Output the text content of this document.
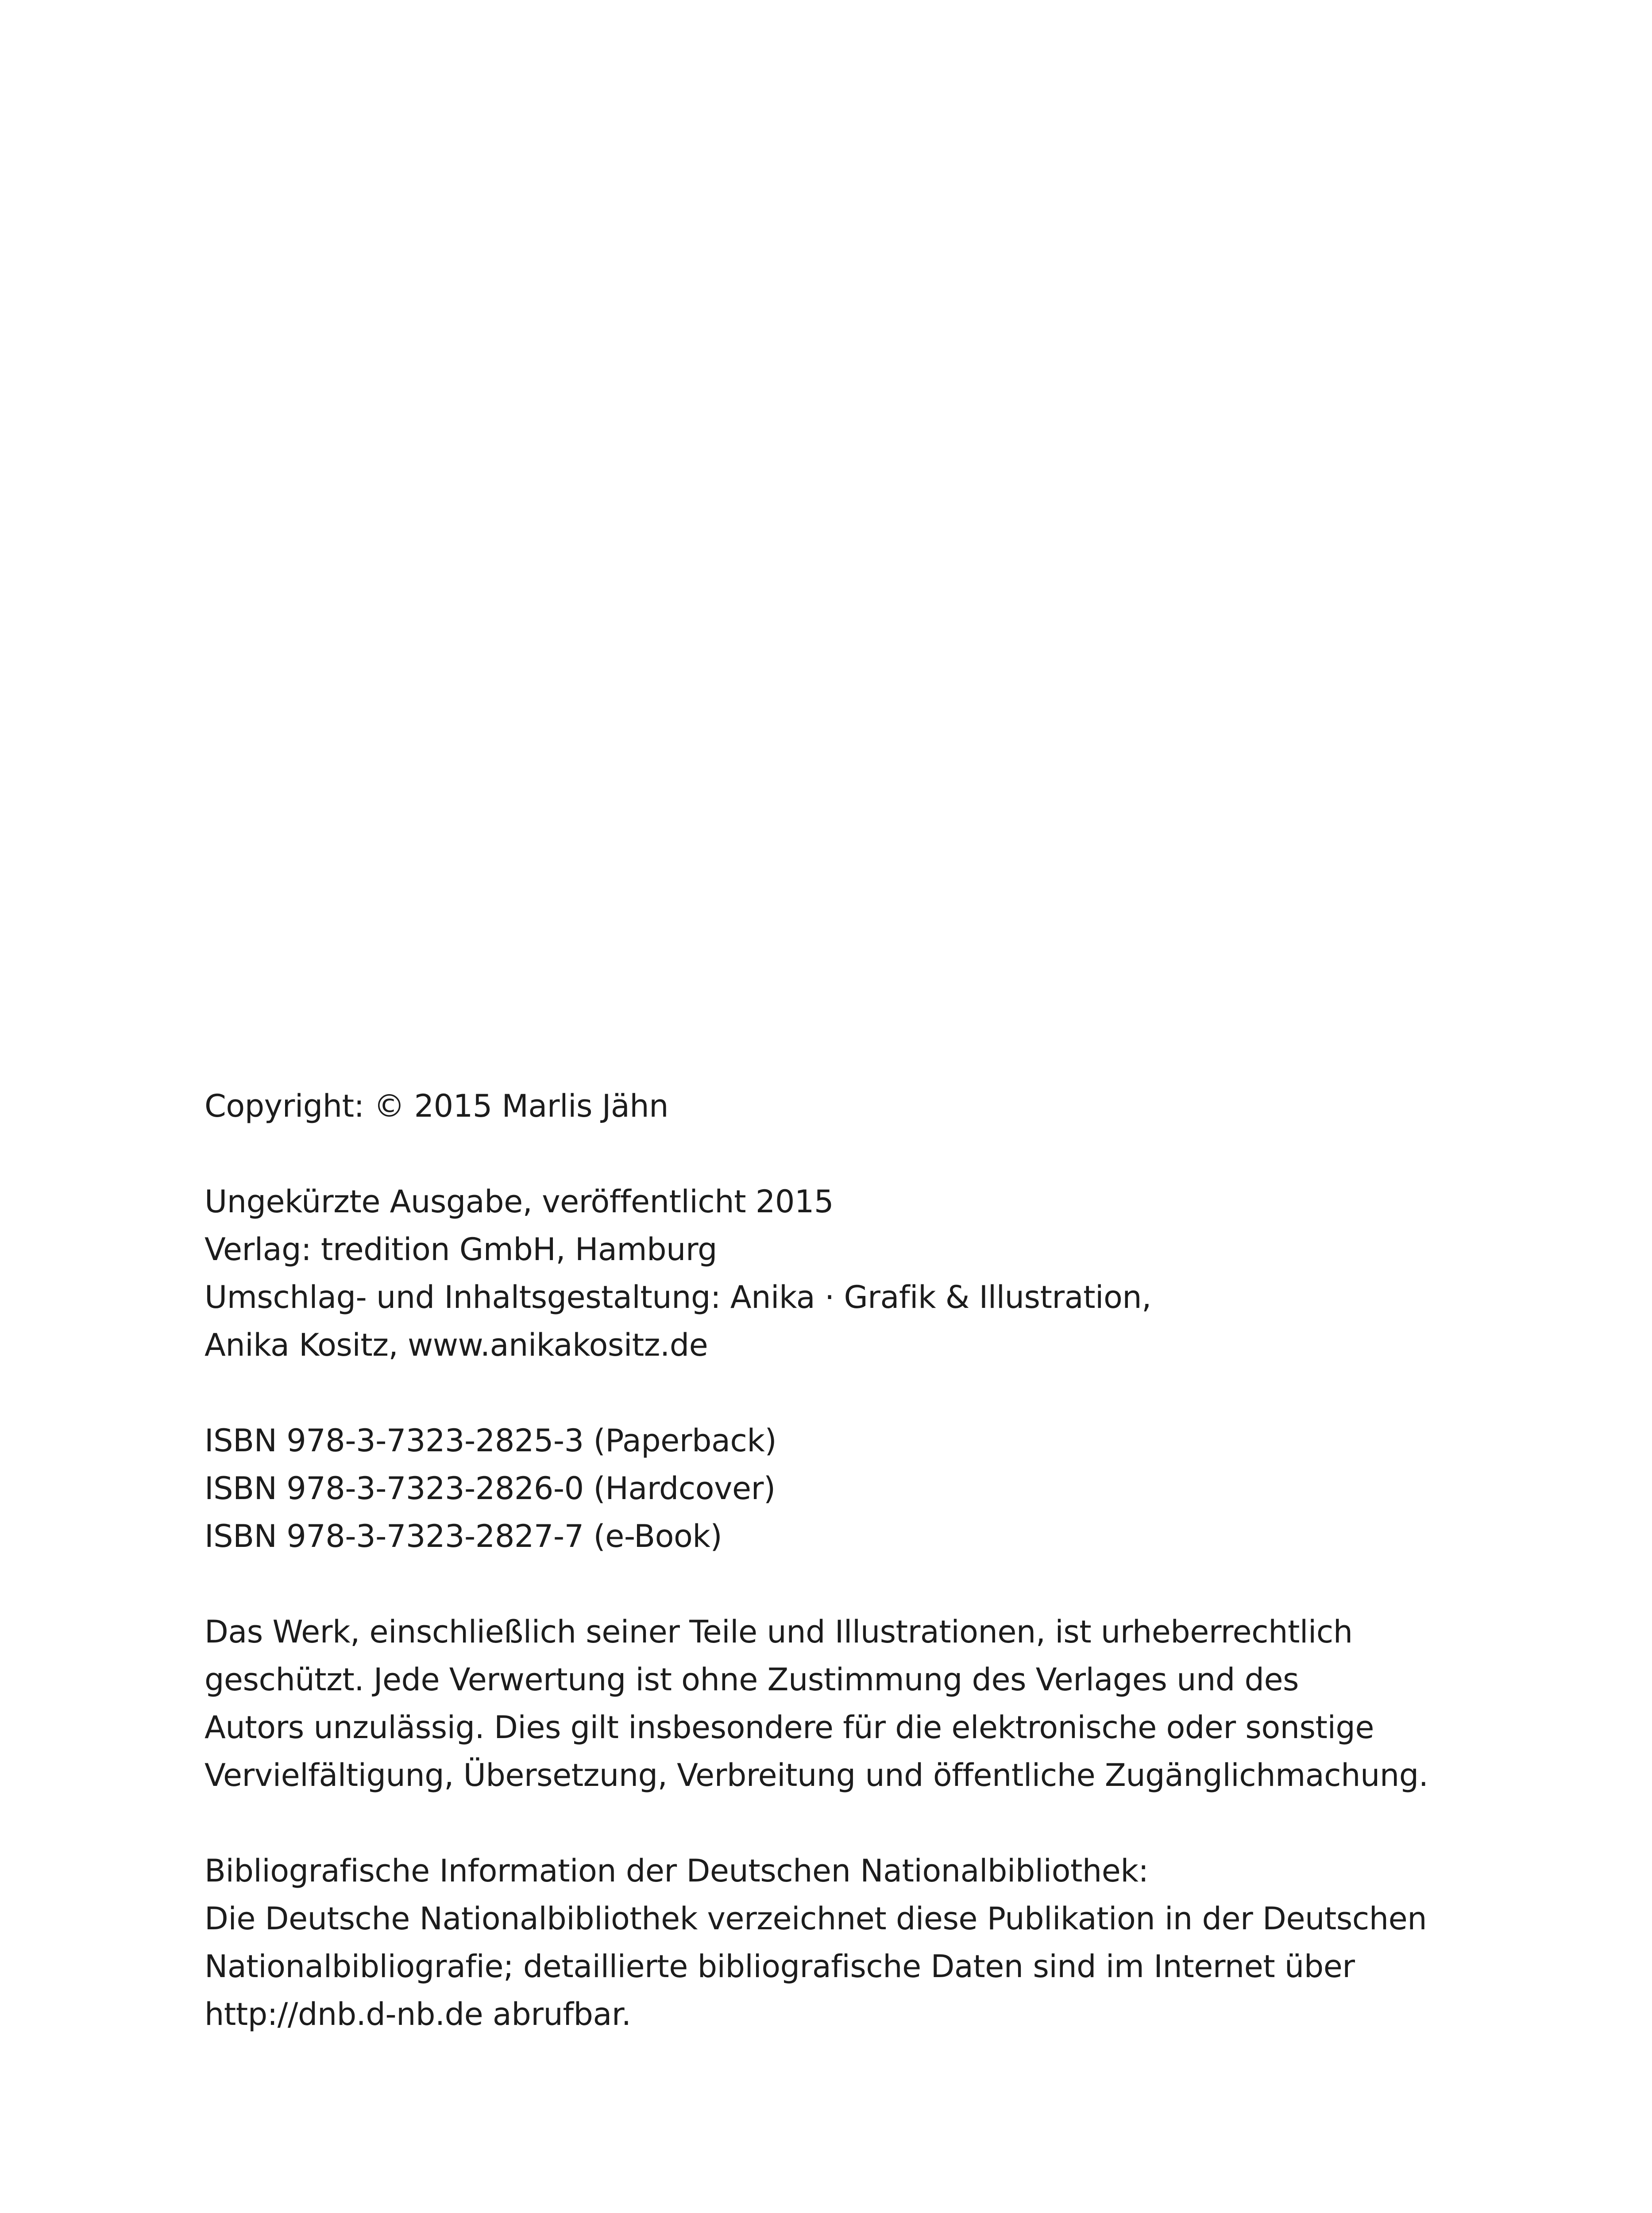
Copyright: © 2015 Marlis Jähn
Ungekürzte Ausgabe, veröffentlicht 2015
Verlag: tredition GmbH, Hamburg
Umschlag- und Inhaltsgestaltung: Anika · Grafik & Illustration,
Anika Kositz, www.anikakositz.de
ISBN 978-3-7323-2825-3 (Paperback)
ISBN 978-3-7323-2826-0 (Hardcover)
ISBN 978-3-7323-2827-7 (e-Book)
Das Werk, einschließlich seiner Teile und Illustrationen, ist urheberrechtlich
geschützt. Jede Verwertung ist ohne Zustimmung des Verlages und des
Autors unzulässig. Dies gilt insbesondere für die elektronische oder sonstige
Vervielfältigung, Übersetzung, Verbreitung und öffentliche Zugänglichmachung.
Bibliografische Information der Deutschen Nationalbibliothek:
Die Deutsche Nationalbibliothek verzeichnet diese Publikation in der Deutschen
Nationalbibliografie; detaillierte bibliografische Daten sind im Internet über
http://dnb.d-nb.de abrufbar.
